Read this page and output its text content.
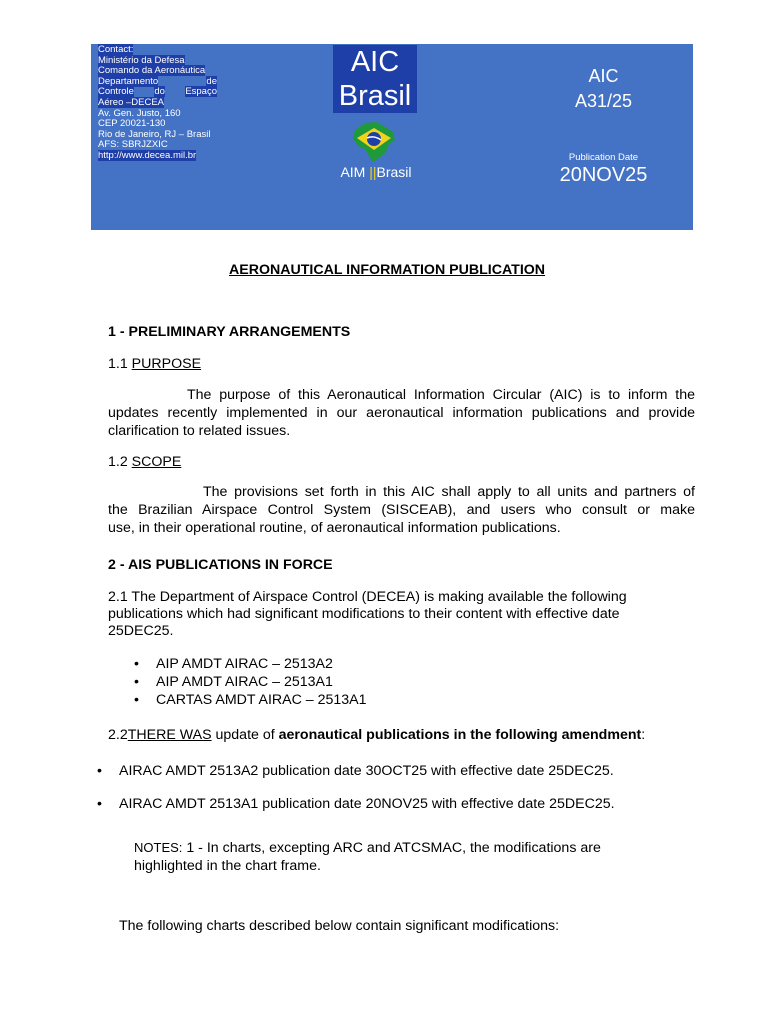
Contact:
Ministério da Defesa
Comando da Aeronáutica
Departamento	de
Controle do Espaço
Aéreo –DECEA
Av. Gen. Justo, 160
CEP 20021-130
Rio de Janeiro, RJ – Brasil
AFS: SBRJZXIC
http://www.decea.mil.br
AIC
Brasil
AIM ||Brasil
AIC
A31/25
Publication Date
20NOV25
AERONAUTICAL INFORMATION PUBLICATION
1 - PRELIMINARY ARRANGEMENTS
1.1 PURPOSE
The purpose of this Aeronautical Information Circular (AIC) is to inform the
updates recently implemented in our aeronautical information publications and provide
clarification to related issues.
1.2 SCOPE
The provisions set forth in this AIC shall apply to all units and partners of
the Brazilian Airspace Control System (SISCEAB), and users who consult or make
use, in their operational routine, of aeronautical information publications.
2 - AIS PUBLICATIONS IN FORCE
2.1 The Department of Airspace Control (DECEA) is making available the following
publications which had significant modifications to their content with effective date
25DEC25.
• AIP AMDT AIRAC – 2513A2
• AIP AMDT AIRAC – 2513A1
• CARTAS AMDT AIRAC – 2513A1
2.2THERE WAS update of aeronautical publications in the following amendment:
• AIRAC AMDT 2513A2 publication date 30OCT25 with effective date 25DEC25.
• AIRAC AMDT 2513A1 publication date 20NOV25 with effective date 25DEC25.
NOTES: 1 - In charts, excepting ARC and ATCSMAC, the modifications are
highlighted in the chart frame.
The following charts described below contain significant modifications:
